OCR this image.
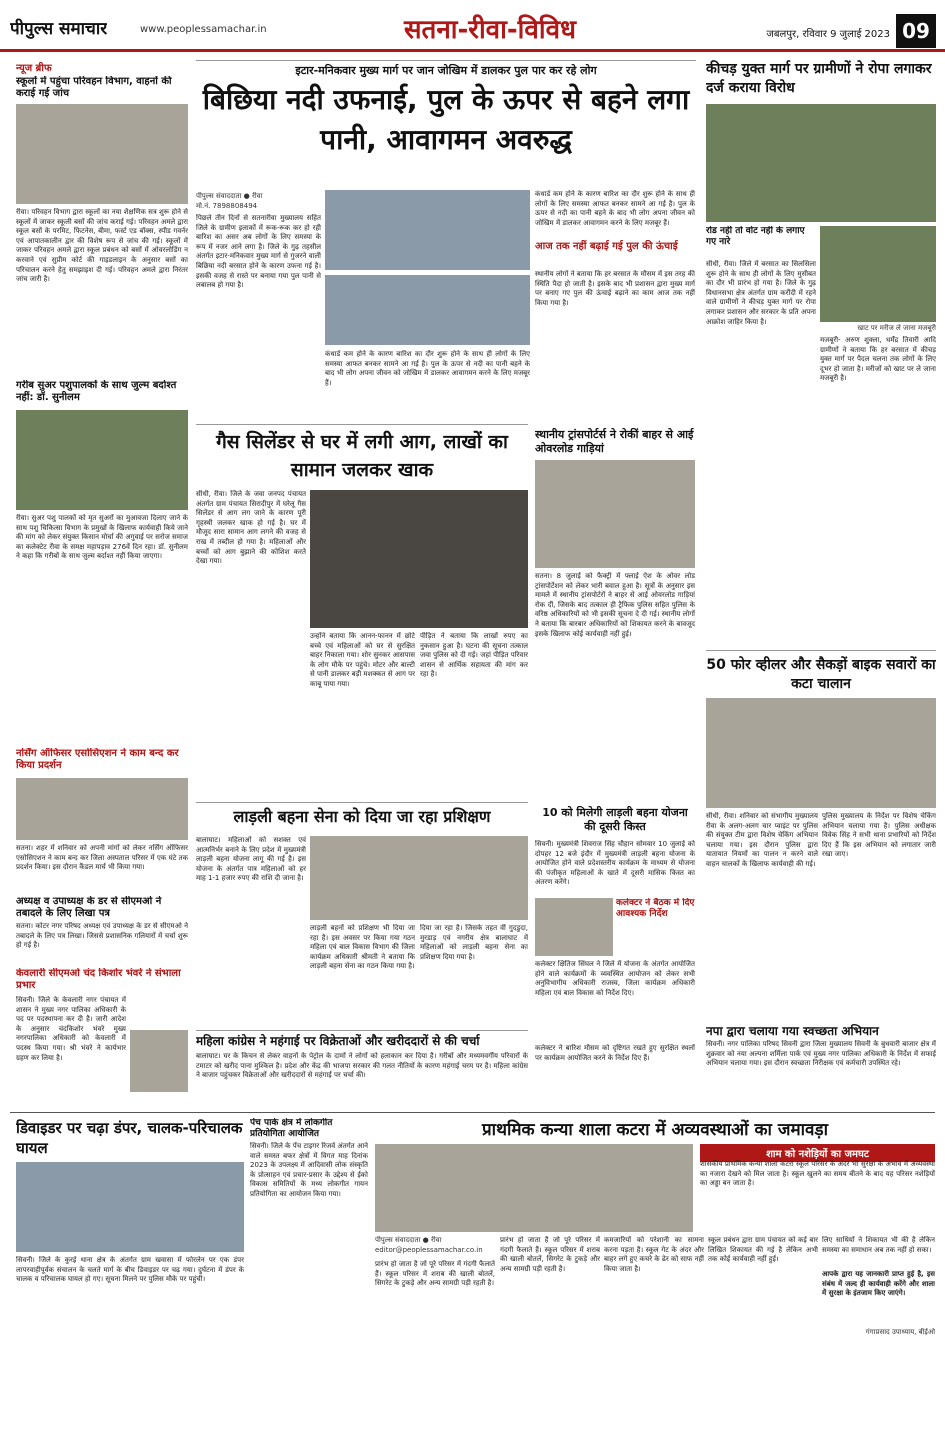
पीपुल्स समाचार	www.peoplessamachar.in	सतना-रीवा-विविध	जबलपुर, रविवार 9 जुलाई 2023 09
न्यूज ब्रीफ
स्कूलों में पहुंचा परिवहन विभाग, वाहनों की कराई गई जांच
रीवा। परिवहन विभाग द्वारा स्कूलों का नया शैक्षणिक सत्र शुरू होने से स्कूलों में जाकर स्कूली बसों की जांच कराई गई। परिवहन अमले द्वारा स्कूल बसों के परमिट, फिटनेस, बीमा, फर्स्ट एड बॉक्स, स्पीड गवर्नर एवं आपातकालीन द्वार की विशेष रूप से जांच की गई। स्कूलों में जाकर परिवहन अमले द्वारा स्कूल प्रबंधन को बसों में ओवरलोडिंग न करवाने एवं सुप्रीम कोर्ट की गाइडलाइन के अनुसार बसों का परिचालन करने हेतु समझाइश दी गई। परिवहन अमले द्वारा निरंतर जांच जारी है।
गरीब सुअर पशुपालकों के साथ जुल्म बर्दाश्त नहीं: डॉ. सुनीलम
रीवा। सुअर पशु पालकों को मृत सुअरों का मुआवजा दिलाए जाने के साथ पशु चिकित्सा विभाग के प्रमुखों के खिलाफ कार्यवाही किये जाने की मांग को लेकर संयुक्त किसान मोर्चा की अगुवाई पर सरोज समाज का कलेक्टेट रीवा के समक्ष महापड़ाव 276वें दिन रहा। डॉ. सुनीलम ने कहा कि गरीबों के साथ जुल्म बर्दाश्त नहीं किया जाएगा।
नर्सिंग ऑफिसर एसोसिएशन ने काम बन्द कर किया प्रदर्शन
सतना। शहर में शनिवार को अपनी मांगों को लेकर नर्सिंग ऑफिसर एसोसिएशन ने काम बन्द कर जिला अस्पताल परिसर में एक घंटे तक प्रदर्शन किया। इस दौरान कैंडल मार्च भी किया गया।
अध्यक्ष व उपाध्यक्ष के डर से सीएमओ ने तबादले के लिए लिखा पत्र
सतना। कोटर नगर परिषद अध्यक्ष एवं उपाध्यक्ष के डर से सीएमओ ने तबादले के लिए पत्र लिखा। जिससे प्रशासनिक गलियारों में चर्चा शुरू हो गई है।
केवलारी सीएमओ चंद किशोर भंवरे ने संभाला प्रभार
सिवनी। जिले के केवलारी नगर पंचायत में शासन ने मुख्य नगर पालिका अधिकारी के पद पर पदस्थापना कर दी है। जारी आदेश के अनुसार चंदकिशोर भंवरे मुख्य नगरपालिका अधिकारी को केवलारी में पदस्थ किया गया। श्री भंवरे ने कार्यभार ग्रहण कर लिया है।
इटार-मनिकवार मुख्य मार्ग पर जान जोखिम में डालकर पुल पार कर रहे लोग
बिछिया नदी उफनाई, पुल के ऊपर से बहने लगा पानी, आवागमन अवरुद्ध
पीपुल्स संवाददाता ● रीवा
मो.नं. 7898808494
पिछले तीन दिनों से सतनारीवा मुख्यालय सहित जिले के ग्रामीण इलाकों में रूक-रूक कर हो रही बारिश का असर अब लोगों के लिए समस्या के रूप में नजर आने लगा है। जिले के गुढ़ तहसील अंतर्गत इटार-मनिकवार मुख्य मार्ग से गुजरने वाली बिछिया नदी बरसात होने के कारण उफना गई है। इसकी वजह से रास्ते पर बनाया गया पुल पानी से लबालब हो गया है।
कंधार्ड कम होने के कारण बारिश का दौर शुरू होने के साथ ही लोगों के लिए समस्या आफत बनकर सामने आ गई है। पुल के ऊपर से नदी का पानी बहने के बाद भी लोग अपना जीवन को जोखिम में डालकर आवागमन करने के लिए मजबूर हैं।
कंधार्ड कम होने के कारण बारिश का दौर शुरू होने के साथ ही लोगों के लिए समस्या आफत बनकर सामने आ गई है। पुल के ऊपर से नदी का पानी बहने के बाद भी लोग अपना जीवन को जोखिम में डालकर आवागमन करने के लिए मजबूर हैं।
आज तक नहीं बढ़ाई गई पुल की ऊंचाई
स्थानीय लोगों ने बताया कि हर बरसात के मौसम में इस तरह की स्थिति पैदा हो जाती है। इसके बाद भी प्रशासन द्वारा मुख्य मार्ग पर बनाए गए पुल की ऊंचाई बढ़ाने का काम आज तक नहीं किया गया है।
गैस सिलेंडर से घर में लगी आग, लाखों का सामान जलकर खाक
सीधी, रीवा। जिले के जवा जनपद पंचायत अंतर्गत ग्राम पंचायत सिरादीपुर में घरेलू गैस सिलेंडर से आग लग जाने के कारण पूरी गृहस्थी जलकर खाक हो गई है। घर में मौजूद सारा सामान आग लगने की वजह से राख में तब्दील हो गया है। महिलाओं और बच्चों को आग बुझाने की कोशिश करते देखा गया।
उन्होंने बताया कि आनन-फानन में छोटे बच्चे एवं महिलाओं को घर से सुरक्षित बाहर निकाला गया। शोर सुनकर आसपास के लोग मौके पर पहुंचे। मोटर और बाल्टी से पानी डालकर बड़ी मशक्कत से आग पर काबू पाया गया।
पीड़ित ने बताया कि लाखों रुपए का नुकसान हुआ है। घटना की सूचना तत्काल जवा पुलिस को दी गई। जहां पीड़ित परिवार शासन से आर्थिक सहायता की मांग कर रहा है।
स्थानीय ट्रांसपोर्टर्स ने रोकीं बाहर से आई ओवरलोड गाड़ियां
सतना। 8 जुलाई को फैक्ट्री में फ्लाई ऐश के ओवर लोड ट्रांसपोर्टेशन को लेकर भारी बवाल हुआ है। सूत्रों के अनुसार इस मामले में स्थानीय ट्रांसपोर्टरों ने बाहर से आई ओवरलोड गाड़ियां रोक दीं, जिसके बाद तत्काल ही ट्रैफिक पुलिस सहित पुलिस के वरिष्ठ अधिकारियों को भी इसकी सूचना दे दी गई। स्थानीय लोगों ने बताया कि बारबार अधिकारियों को शिकायत करने के बावजूद इसके खिलाफ कोई कार्यवाही नहीं हुई।
कीचड़ युक्त मार्ग पर ग्रामीणों ने रोपा लगाकर दर्ज कराया विरोध
रोड नहीं तो वोट नहीं के लगाए गए नारे
सीधी, रीवा। जिले में बरसात का सिलसिला शुरू होने के साथ ही लोगों के लिए मुसीबत का दौर भी प्रारंभ हो गया है। जिले के गुढ़ विधानसभा क्षेत्र अंतर्गत ग्राम करौंदी में रहने वाले ग्रामीणों ने कीचड़ युक्त मार्ग पर रोपा लगाकर प्रशासन और सरकार के प्रति अपना आक्रोश जाहिर किया है।
खाट पर मरीज ले जाना मजबूरी
मजबूरी- अरुण शुक्ला, धर्मेंद्र तिवारी आदि ग्रामीणों ने बताया कि हर बरसात में कीचड़ युक्त मार्ग पर पैदल चलना तक लोगों के लिए दूभर हो जाता है। मरीजों को खाट पर ले जाना मजबूरी है।
50 फोर व्हीलर और सैकड़ों बाइक सवारों का कटा चालान
सीधी, रीवा। शनिवार को संभागीय मुख्यालय रीवा के अलग-अलग चार प्वाइंट पर पुलिस की संयुक्त टीम द्वारा विशेष चेकिंग अभियान चलाया गया। इस दौरान पुलिस द्वारा यातायात नियमों का पालन न करने वाले वाहन चालकों के खिलाफ कार्यवाही की गई।
पुलिस मुख्यालय के निर्देश पर विशेष चेकिंग अभियान चलाया गया है। पुलिस अधीक्षक विवेक सिंह ने सभी थाना प्रभारियों को निर्देश दिए हैं कि इस अभियान को लगातार जारी रखा जाए।
नपा द्वारा चलाया गया स्वच्छता अभियान
सिवनी। नगर पालिका परिषद सिवनी द्वारा जिला मुख्यालय सिवनी के बुधवारी बाजार क्षेत्र में शुक्रवार को नया अल्पना शर्मिला पार्क एवं मुख्य नगर पालिका अधिकारी के निर्देश में सफाई अभियान चलाया गया। इस दौरान स्वच्छता निरीक्षक एवं कर्मचारी उपस्थित रहे।
लाड़ली बहना सेना को दिया जा रहा प्रशिक्षण
बालाघाट। महिलाओं को सशक्त एवं आत्मनिर्भर बनाने के लिए प्रदेश में मुख्यमंत्री लाड़ली बहना योजना लागू की गई है। इस योजना के अंतर्गत पात्र महिलाओं को हर माह 1-1 हजार रुपए की राशि दी जाना है।
लाड़ली बहनों को प्रशिक्षण भी दिया जा रहा है। इस अवसर पर किया गया गठन महिला एवं बाल विकास विभाग की जिला कार्यक्रम अधिकारी श्रीमती ने बताया कि लाड़ली बहना सेना का गठन किया गया है।
दिया जा रहा है। जिसके तहत वीं गुदडुदा, मुरडाड़ एवं नगरीय क्षेत्र बालाघाट में महिलाओं को लाड़ली बहना सेना का प्रशिक्षण दिया गया है।
10 को मिलेगी लाड़ली बहना योजना की दूसरी किस्त
सिवनी। मुख्यमंत्री शिवराज सिंह चौहान सोमवार 10 जुलाई को दोपहर 12 बजे इंदौर में मुख्यमंत्री लाड़ली बहना योजना के आयोजित होने वाले प्रदेशस्तरीय कार्यक्रम के माध्यम से योजना की पंजीकृत महिलाओं के खाते में दूसरी मासिक किस्त का अंतरण करेंगे।
कलेक्टर ने बैठक में दिए आवश्यक निर्देश
कलेक्टर क्षितिज सिंघल ने जिले में योजना के अंतर्गत आयोजित होने वाले कार्यक्रमों के व्यवस्थित आयोजन को लेकर सभी अनुविभागीय अधिकारी राजस्व, जिला कार्यक्रम अधिकारी महिला एवं बाल विकास को निर्देश दिए।
कलेक्टर ने बारिश मौसम को दृष्टिगत रखते हुए सुरक्षित स्थलों पर कार्यक्रम आयोजित करने के निर्देश दिए हैं।
महिला कांग्रेस ने महंगाई पर विक्रेताओं और खरीददारों से की चर्चा
बालाघाट। घर के किचन से लेकर वाहनों के पेट्रोल के दामों ने लोगों को हलाकान कर दिया है। गरीबों और मध्यमवर्गीय परिवारों के टमाटर को खरीद पाना मुश्किल है। प्रदेश और केंद्र की भाजपा सरकार की गलत नीतियों के कारण महंगाई चरम पर है। महिला कांग्रेस ने बाजार पहुंचकर विक्रेताओं और खरीददारों से महंगाई पर चर्चा की।
डिवाइडर पर चढ़ा डंपर, चालक-परिचालक घायल
सिवनी। जिले के कुरई थाना क्षेत्र के अंतर्गत ग्राम खवासा में फोरलेन पर एक डंपर लापरवाहीपूर्वक संचालन के चलते मार्ग के बीच डिवाइडर पर चढ़ गया। दुर्घटना में डंपर के चालक व परिचालक घायल हो गए। सूचना मिलने पर पुलिस मौके पर पहुंची।
पेंच पार्क क्षेत्र में लोकगीत प्रतियोगिता आयोजित
सिवनी। जिले के पेंच टाइगर रिजर्व अंतर्गत आने वाले समस्त बफर क्षेत्रों में विगत माह दिनांक 2023 के उपलक्ष्य में आदिवासी लोक संस्कृति के प्रोत्साहन एवं प्रचार-प्रसार के उद्देश्य से ईको विकास समितियों के मध्य लोकगीत गायन प्रतियोगिता का आयोजन किया गया।
प्राथमिक कन्या शाला कटरा में अव्यवस्थाओं का जमावड़ा
शाम को नशेड़ियों का जमघट
शासकीय प्राथमिक कन्या शाला कटरा स्कूल परिसर के अंदर भी सुरक्षा के अभाव में अव्यवस्था का नजारा देखने को मिल जाता है। स्कूल खुलने का समय बीतने के बाद यह परिसर नशेड़ियों का अड्डा बन जाता है।
पीपुल्स संवाददाता ● रीवा
editor@peoplessamachar.co.in
प्रारंभ हो जाता है जो पूरे परिसर में गंदगी फैलाते हैं। स्कूल परिसर में शराब की खाली बोतलें, सिगरेट के टुकड़े और अन्य सामग्री पड़ी रहती है।
कमजारियों को परेशानी का सामना करना पड़ता है। स्कूल गेट के अंदर और बाहर लगे हुए कचरे के ढेर को साफ नहीं किया जाता है।
स्कूल प्रबंधन द्वारा ग्राम पंचायत को कई बार लिखित शिकायत की गई है लेकिन अभी तक कोई कार्यवाही नहीं हुई।
लिए साथियों ने शिकायत भी की है लेकिन समस्या का समाधान अब तक नहीं हो सका।
आपके द्वारा यह जानकारी प्राप्त हुई है, इस संबंध में जल्द ही कार्यवाही करेंगे और शाला में सुरक्षा के इंतजाम किए जाएंगे।
गंगाप्रसाद उपाध्याय, बीईओ
प्रारंभ हो जाता है जो पूरे परिसर में गंदगी फैलाते हैं। स्कूल परिसर में शराब की खाली बोतलें, सिगरेट के टुकड़े और अन्य सामग्री पड़ी रहती है।
